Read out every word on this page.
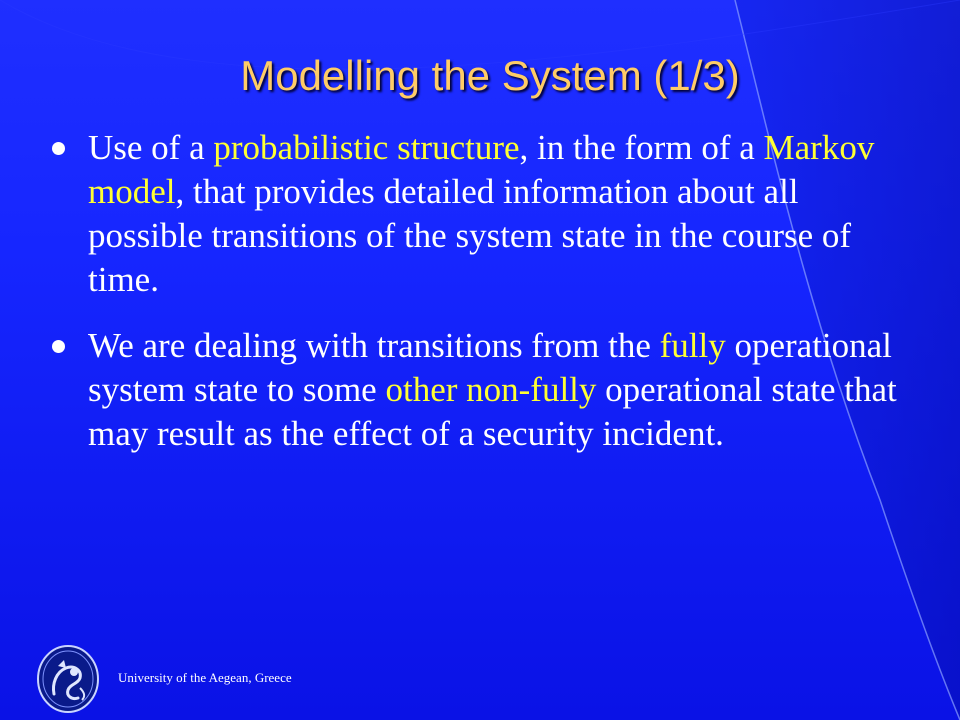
Modelling the System (1/3)
Use of a probabilistic structure, in the form of a Markov model, that provides detailed information about all possible transitions of the system state in the course of time.
We are dealing with transitions from the fully operational system state to some other non-fully operational state that may result as the effect of a security incident.
University of the Aegean, Greece
